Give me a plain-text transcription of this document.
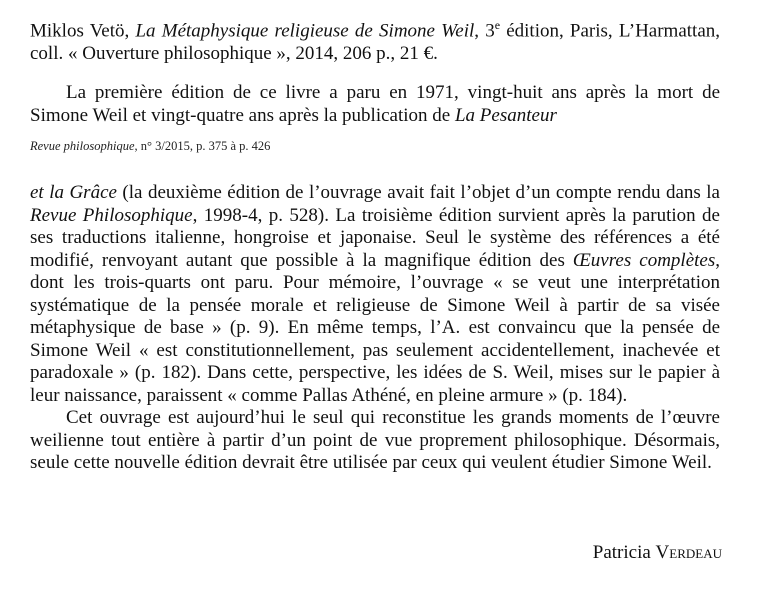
Miklos Vetö, La Métaphysique religieuse de Simone Weil, 3e édition, Paris, L’Harmattan, coll. « Ouverture philosophique », 2014, 206 p., 21 €.

La première édition de ce livre a paru en 1971, vingt-huit ans après la mort de Simone Weil et vingt-quatre ans après la publication de La Pesanteur

Revue philosophique, n° 3/2015, p. 375 à p. 426

et la Grâce (la deuxième édition de l’ouvrage avait fait l’objet d’un compte rendu dans la Revue Philosophique, 1998-4, p. 528). La troisième édition survient après la parution de ses traductions italienne, hongroise et japonaise. Seul le système des références a été modifié, renvoyant autant que possible à la magnifique édition des Œuvres complètes, dont les trois-quarts ont paru. Pour mémoire, l’ouvrage « se veut une interprétation systématique de la pensée morale et religieuse de Simone Weil à partir de sa visée métaphysique de base » (p. 9). En même temps, l’A. est convaincu que la pensée de Simone Weil « est constitutionnellement, pas seulement accidentellement, inachevée et paradoxale » (p. 182). Dans cette, perspective, les idées de S. Weil, mises sur le papier à leur naissance, paraissent « comme Pallas Athéné, en pleine armure » (p. 184).

Cet ouvrage est aujourd’hui le seul qui reconstitue les grands moments de l’œuvre weilienne tout entière à partir d’un point de vue proprement philosophique. Désormais, seule cette nouvelle édition devrait être utilisée par ceux qui veulent étudier Simone Weil.

Patricia Verdeau
